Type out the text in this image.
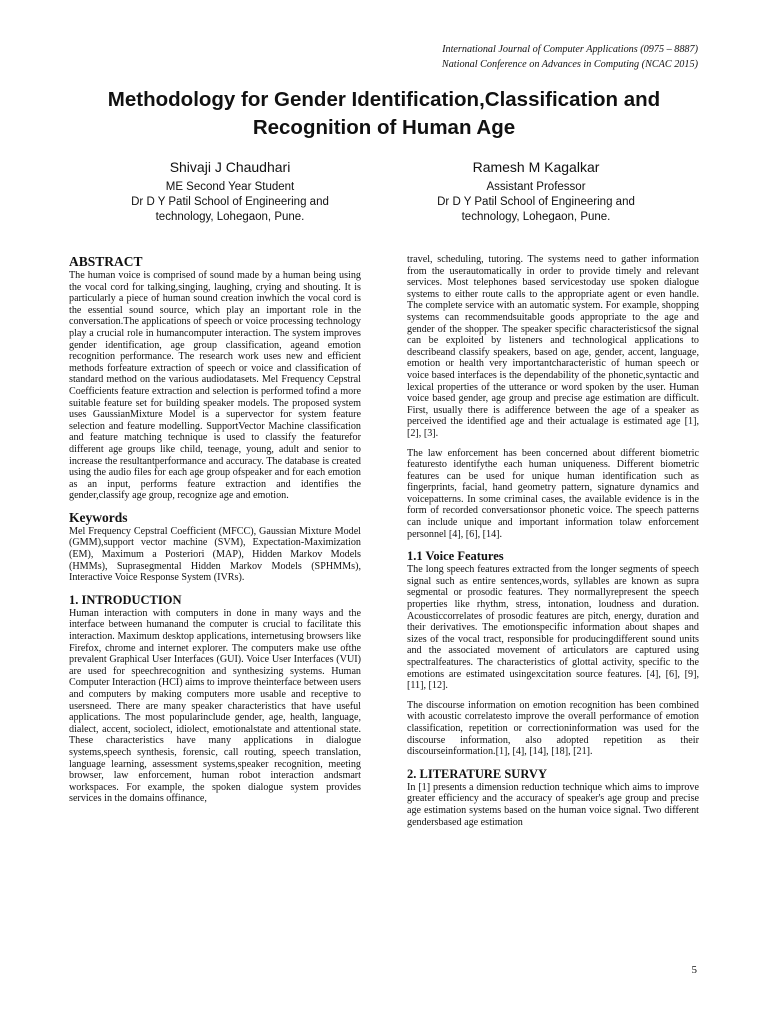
International Journal of Computer Applications (0975 – 8887)
National Conference on Advances in Computing (NCAC 2015)
Methodology for Gender Identification,Classification and
Recognition of Human Age
Shivaji J Chaudhari
ME Second Year Student
Dr D Y Patil School of Engineering and
technology, Lohegaon, Pune.
Ramesh M Kagalkar
Assistant Professor
Dr D Y Patil School of Engineering and
technology, Lohegaon, Pune.
ABSTRACT

The human voice is comprised of sound made by a human being using the vocal cord for talking,singing, laughing, crying and shouting. It is particularly a piece of human sound creation inwhich the vocal cord is the essential sound source, which play an important role in the conversation.The applications of speech or voice processing technology play a crucial role in humancomputer interaction. The system improves gender identification, age group classification, ageand emotion recognition performance. The research work uses new and efficient methods forfeature extraction of speech or voice and classification of standard method on the various audiodatasets. Mel Frequency Cepstral Coefficients feature extraction and selection is performed tofind a more suitable feature set for building speaker models. The proposed system uses GaussianMixture Model is a supervector for system feature selection and feature modelling. SupportVector Machine classification and feature matching technique is used to classify the featurefor different age groups like child, teenage, young, adult and senior to increase the resultantperformance and accuracy. The database is created using the audio files for each age group ofspeaker and for each emotion as an input, performs feature extraction and identifies the gender,classify age group, recognize age and emotion.

Keywords

Mel Frequency Cepstral Coefficient (MFCC), Gaussian Mixture Model (GMM),support vector machine (SVM), Expectation-Maximization (EM), Maximum a Posteriori (MAP), Hidden Markov Models (HMMs), Suprasegmental Hidden Markov Models (SPHMMs), Interactive Voice Response System (IVRs).

1. INTRODUCTION

Human interaction with computers in done in many ways and the interface between humanand the computer is crucial to facilitate this interaction. Maximum desktop applications, internetusing browsers like Firefox, chrome and internet explorer. The computers make use ofthe prevalent Graphical User Interfaces (GUI). Voice User Interfaces (VUI) are used for speechrecognition and synthesizing systems. Human Computer Interaction (HCI) aims to improve theinterface between users and computers by making computers more usable and receptive to usersneed. There are many speaker characteristics that have useful applications. The most popularinclude gender, age, health, language, dialect, accent, sociolect, idiolect, emotionalstate and attentional state. These characteristics have many applications in dialogue systems,speech synthesis, forensic, call routing, speech translation, language learning, assessment systems,speaker recognition, meeting browser, law enforcement, human robot interaction andsmart workspaces. For example, the spoken dialogue system provides services in the domains offinance,

travel, scheduling, tutoring. The systems need to gather information from the userautomatically in order to provide timely and relevant services. Most telephones based servicestoday use spoken dialogue systems to either route calls to the appropriate agent or even handle. The complete service with an automatic system. For example, shopping systems can recommendsuitable goods appropriate to the age and gender of the shopper. The speaker specific characteristicsof the signal can be exploited by listeners and technological applications to describeand classify speakers, based on age, gender, accent, language, emotion or health very importantcharacteristic of human speech or voice based interfaces is the dependability of the phonetic,syntactic and lexical properties of the utterance or word spoken by the user. Human voice based gender, age group and precise age estimation are difficult. First, usually there is adifference between the age of a speaker as perceived the identified age and their actualage is estimated age [1], [2], [3].

The law enforcement has been concerned about different biometric featuresto identifythe each human uniqueness. Different biometric features can be used for unique human identification such as fingerprints, facial, hand geometry pattern, signature dynamics and voicepatterns. In some criminal cases, the available evidence is in the form of recorded conversationsor phonetic voice. The speech patterns can include unique and important information tolaw enforcement personnel [4], [6], [14].

1.1 Voice Features

The long speech features extracted from the longer segments of speech signal such as entire sentences,words, syllables are known as supra segmental or prosodic features. They normallyrepresent the speech properties like rhythm, stress, intonation, loudness and duration. Acousticcorrelates of prosodic features are pitch, energy, duration and their derivatives. The emotionspecific information about shapes and sizes of the vocal tract, responsible for producingdifferent sound units and the associated movement of articulators are captured using spectralfeatures. The characteristics of glottal activity, specific to the emotions are estimated usingexcitation source features. [4], [6], [9], [11], [12].

The discourse information on emotion recognition has been combined with acoustic correlatesto improve the overall performance of emotion classification, repetition or correctioninformation was used for the discourse information, also adopted repetition as their discourseinformation.[1], [4], [14], [18], [21].

2. LITERATURE SURVY

In [1] presents a dimension reduction technique which aims to improve greater efficiency and the accuracy of speaker's age group and precise age estimation systems based on the human voice signal. Two different gendersbased age estimation

5
